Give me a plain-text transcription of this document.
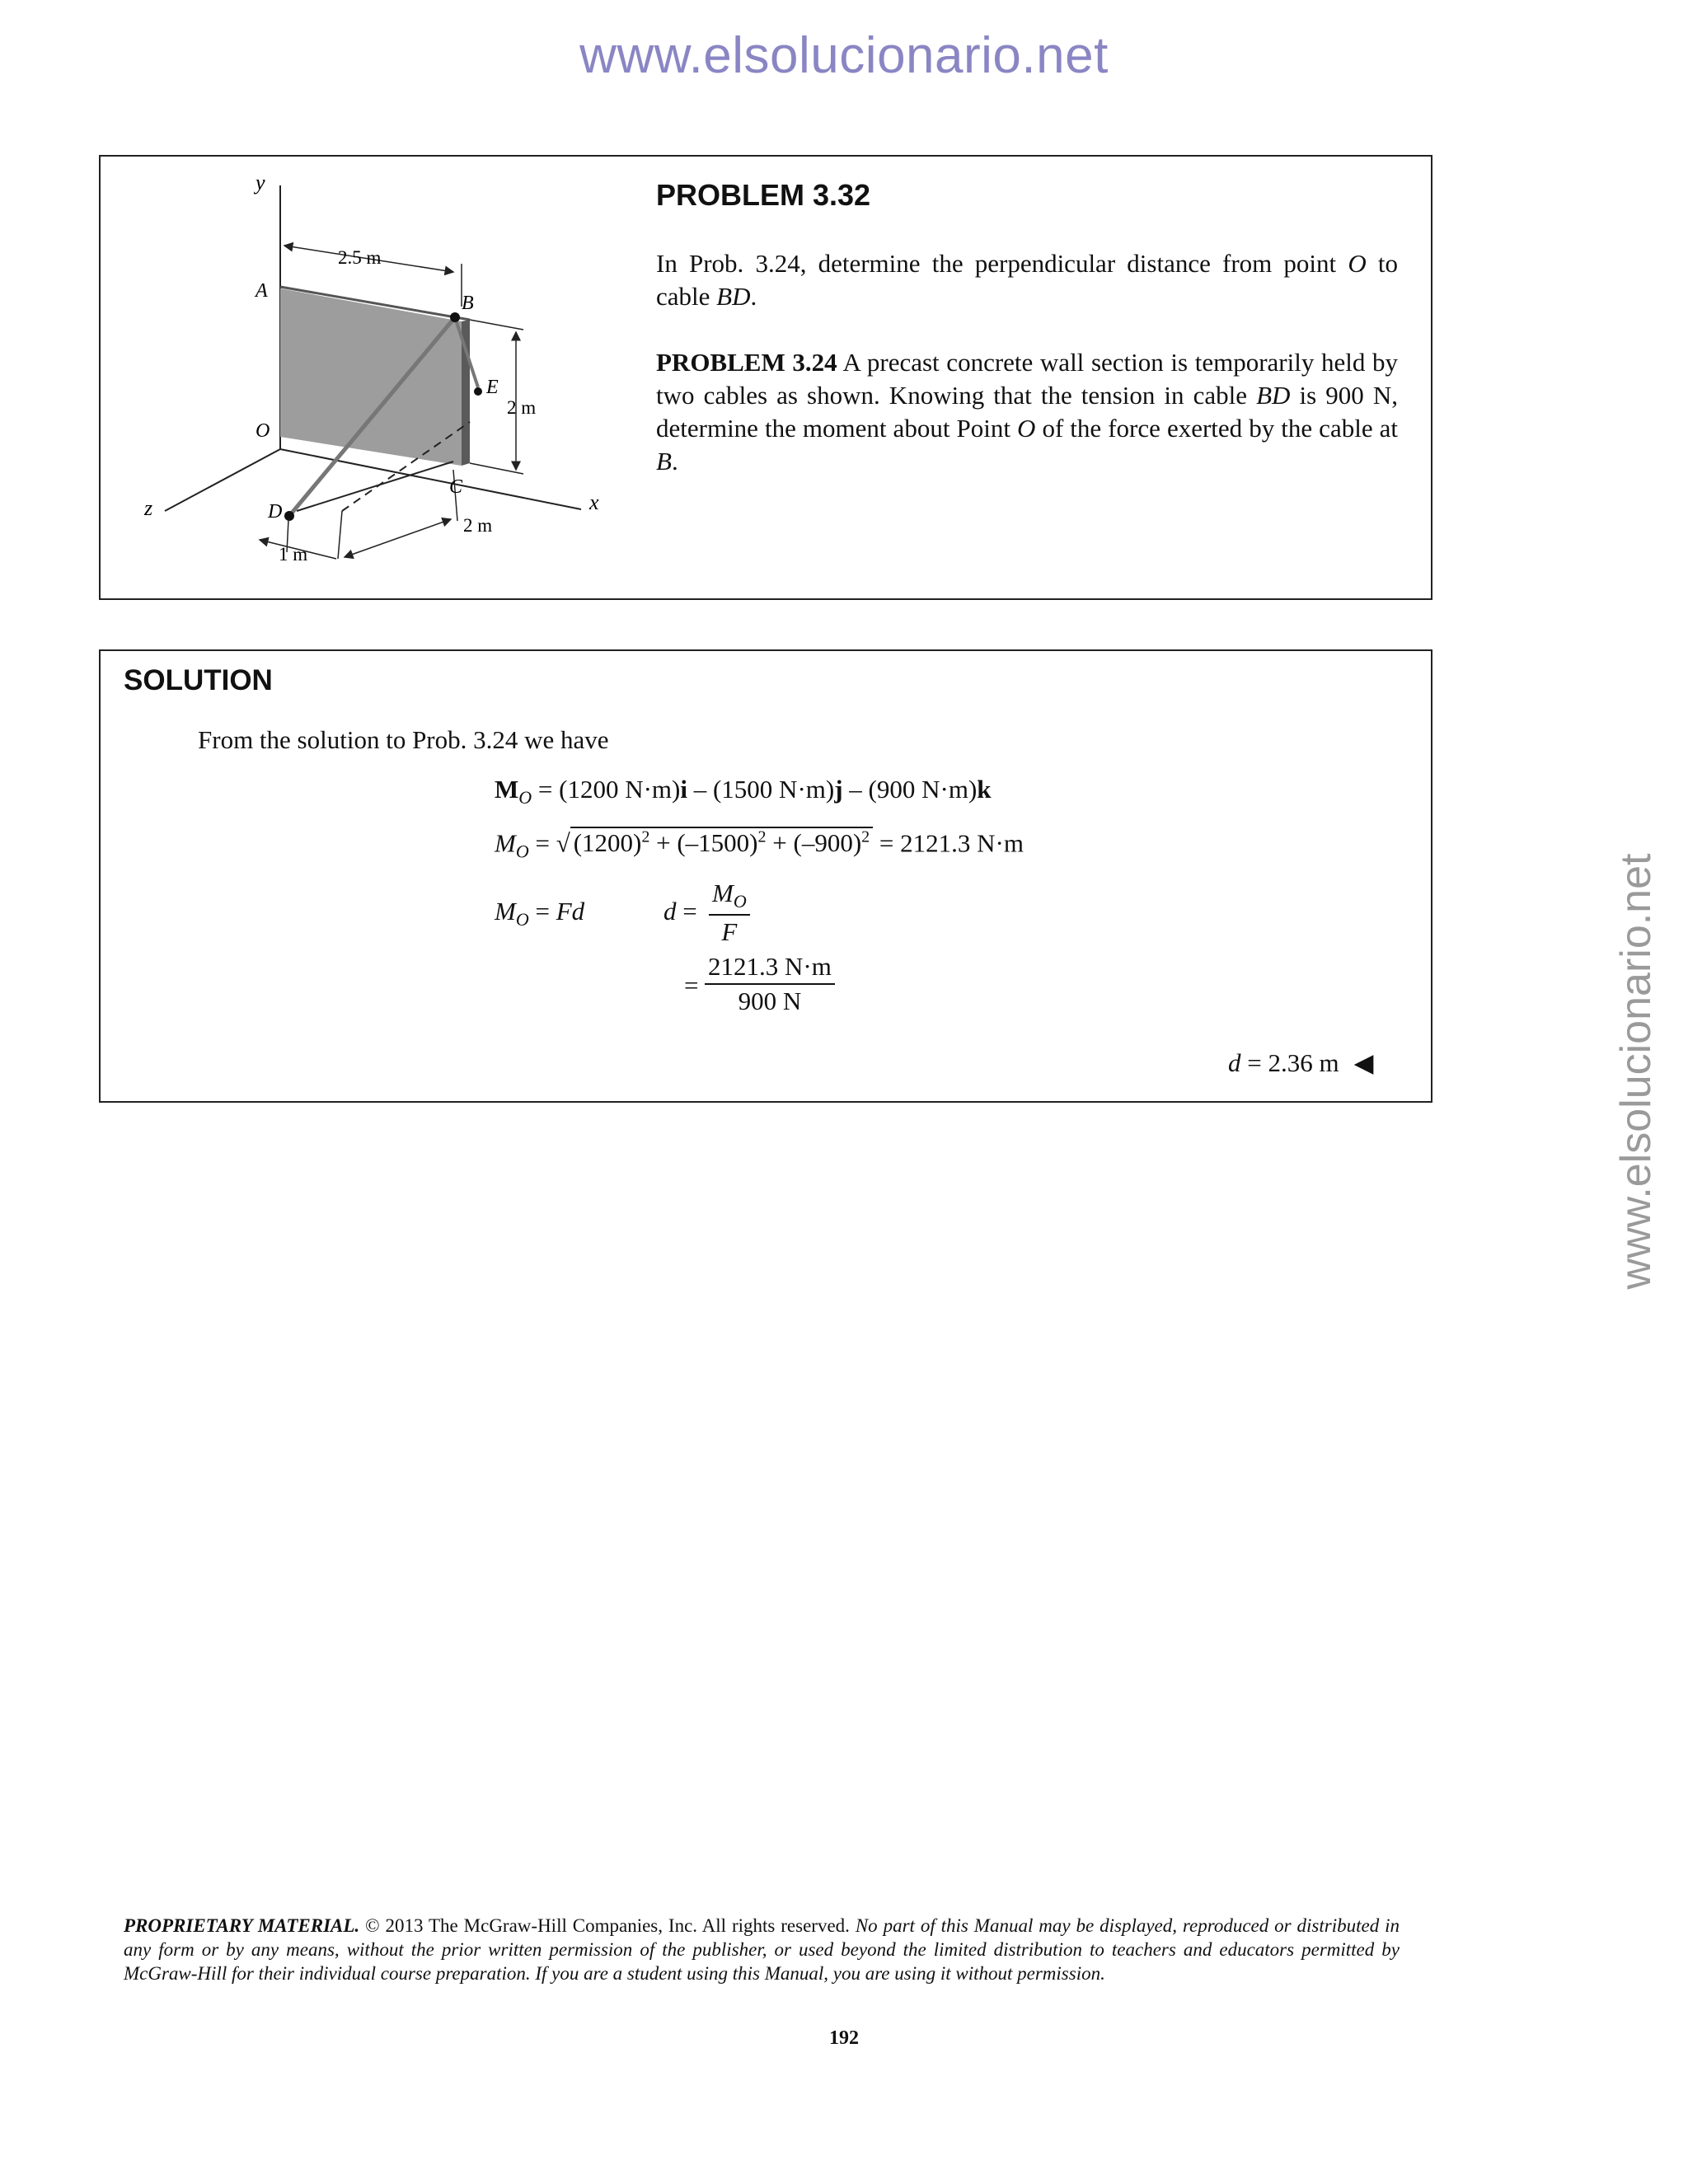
www.elsolucionario.net
www.elsolucionario.net
y
x
z
A
B
C
D
E
O
2.5 m
2 m
2 m
1 m
PROBLEM 3.32
In Prob. 3.24, determine the perpendicular distance from point O to cable BD.
PROBLEM 3.24 A precast concrete wall section is temporarily held by two cables as shown. Knowing that the tension in cable BD is 900 N, determine the moment about Point O of the force exerted by the cable at B.
SOLUTION
From the solution to Prob. 3.24 we have
$M_O = (1200$ N·m)i – (1500 N·m)j – (900 N·m)k
$M_O$ = √ $(1200)^2 + (-1500)^2 + (-900)^2 = 2121.3$ N·m
$M_O = Fd$	$d = \frac{M_O}{F}$
= $\frac{2121.3 N\cdot m}{900 N}$
d = 2.36 m ◀
PROPRIETARY MATERIAL. © 2013 The McGraw-Hill Companies, Inc. All rights reserved. No part of this Manual may be displayed, reproduced or distributed in any form or by any means, without the prior written permission of the publisher, or used beyond the limited distribution to teachers and educators permitted by McGraw-Hill for their individual course preparation. If you are a student using this Manual, you are using it without permission.
192
